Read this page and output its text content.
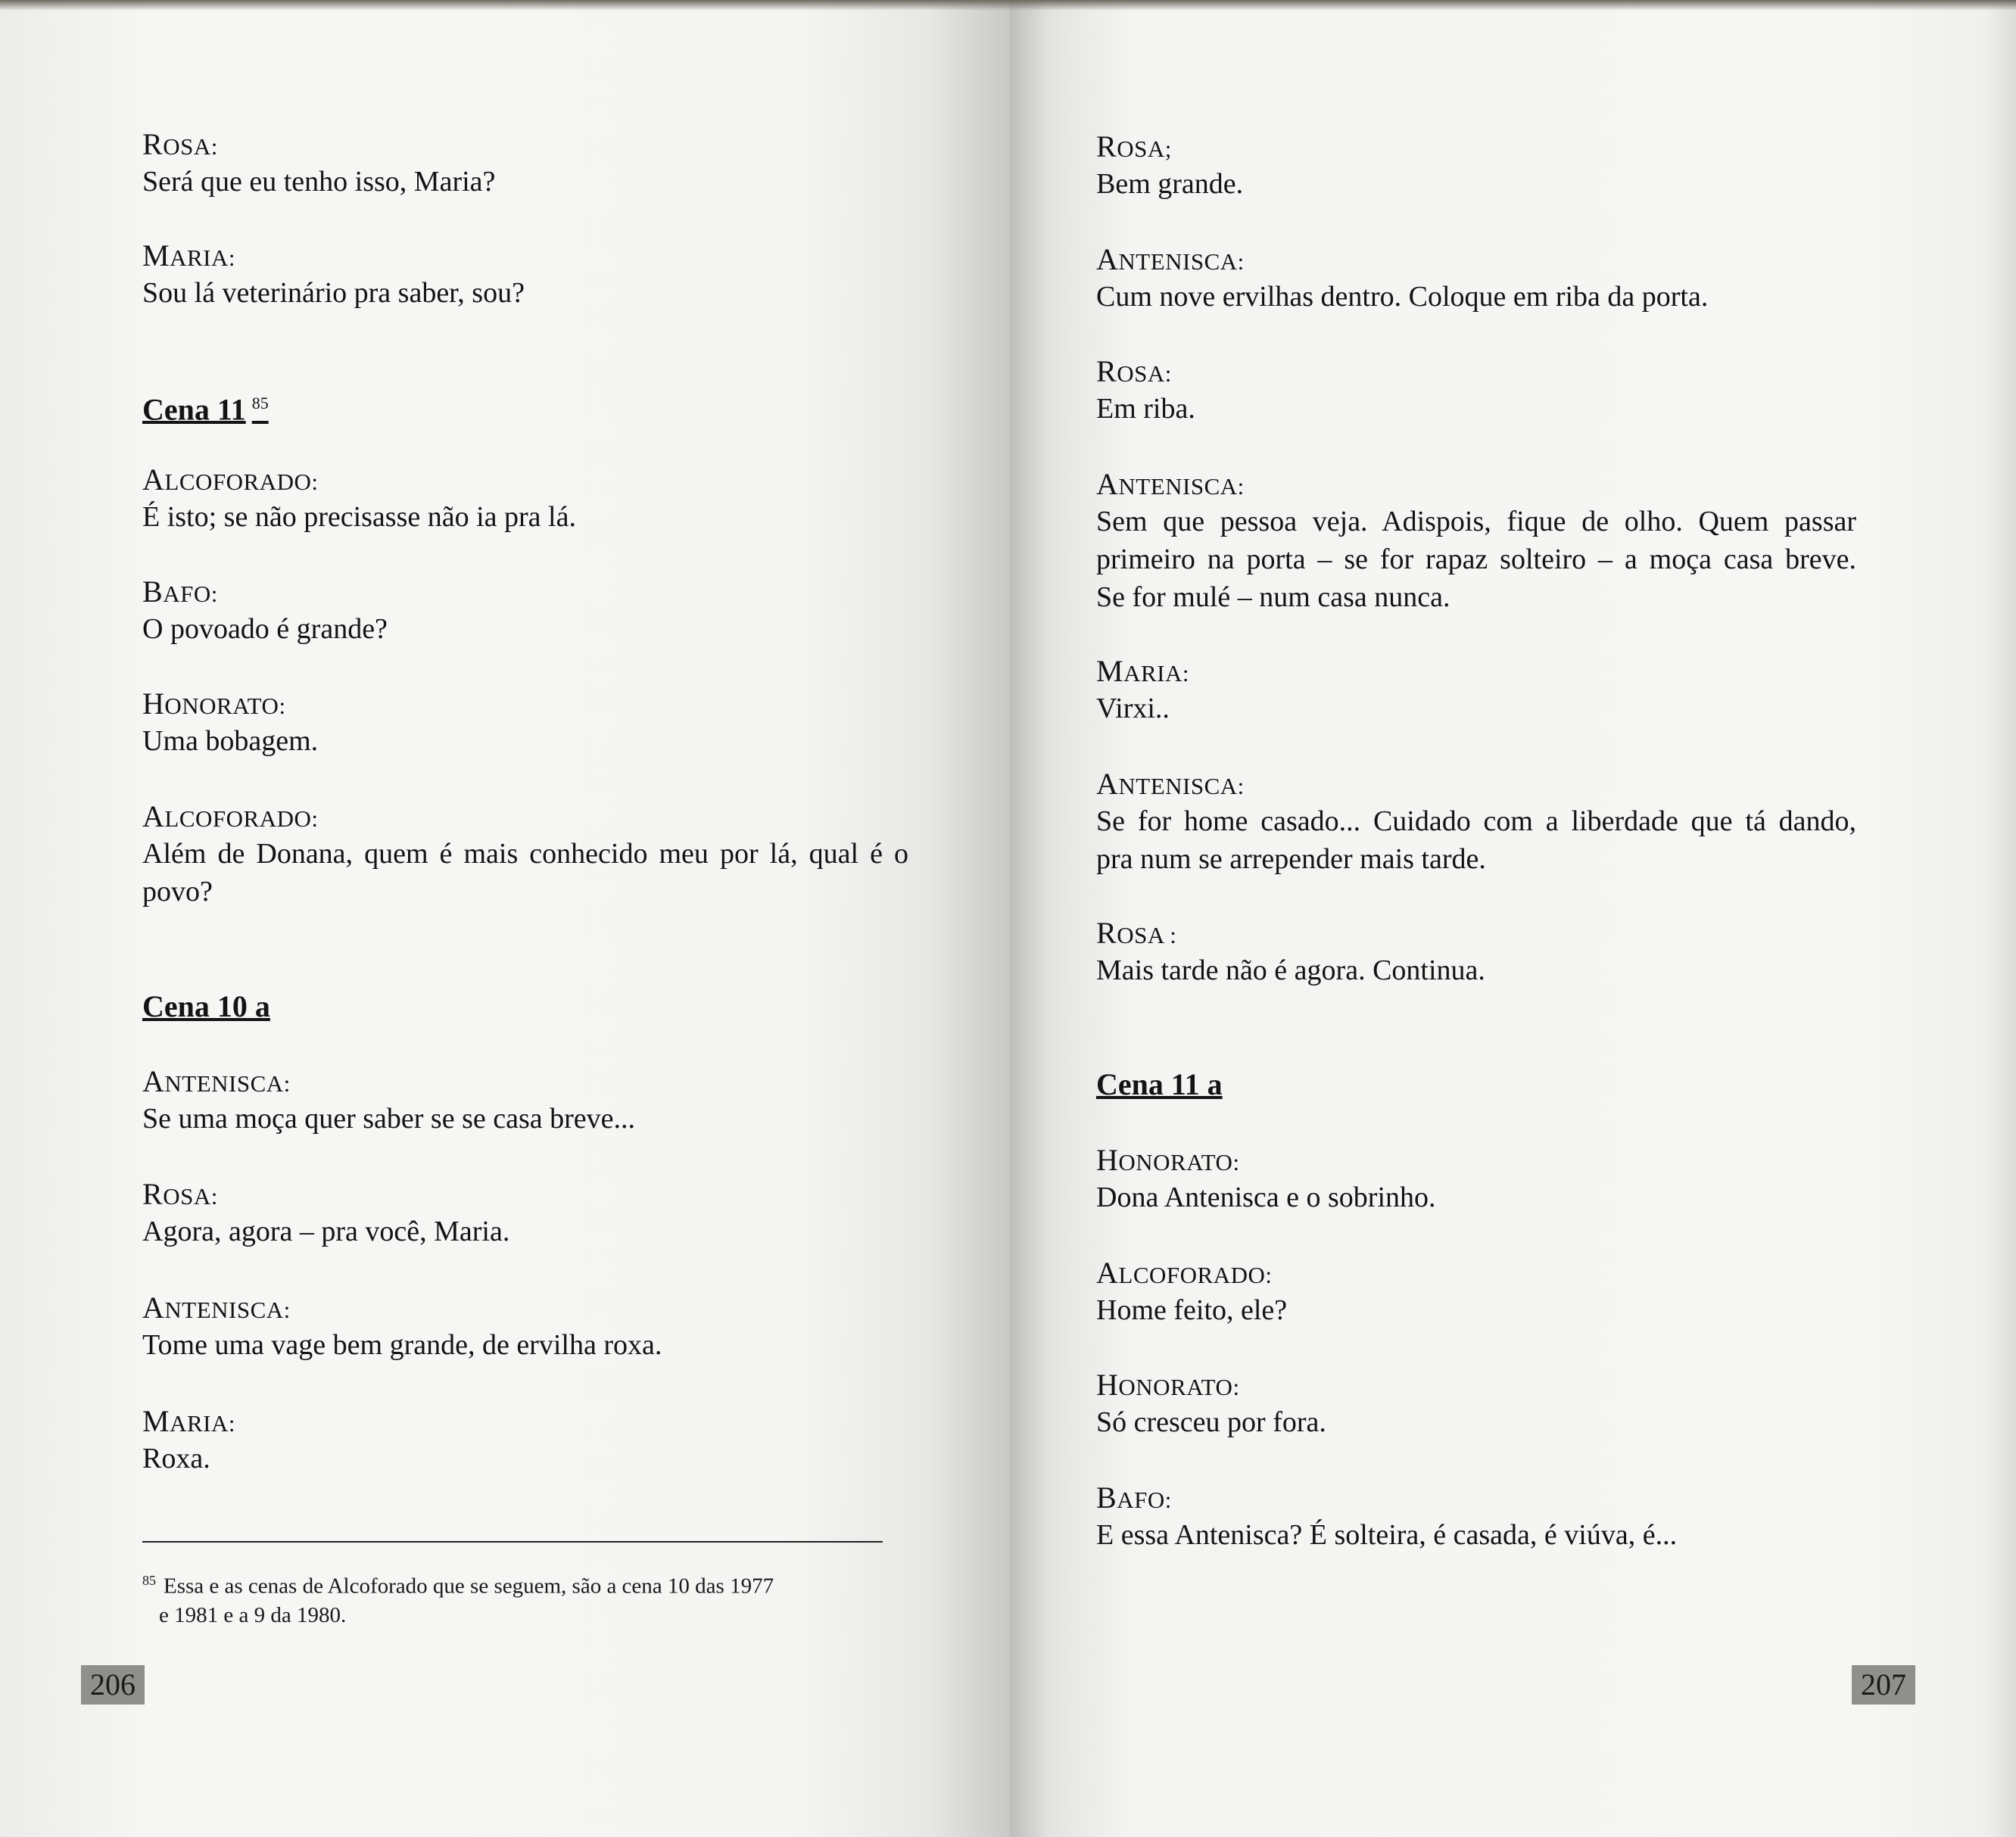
ROSA:
Será que eu tenho isso, Maria?
MARIA:
Sou lá veterinário pra saber, sou?
Cena 11 $^{85}$
ALCOFORADO:
É isto; se não precisasse não ia pra lá.
BAFO:
O povoado é grande?
HONORATO:
Uma bobagem.
ALCOFORADO:
Além de Donana, quem é mais conhecido meu por lá, qual é o
povo?
Cena 10 a
ANTENISCA:
Se uma moça quer saber se se casa breve...
ROSA:
Agora, agora – pra você, Maria.
ANTENISCA:
Tome uma vage bem grande, de ervilha roxa.
MARIA:
Roxa.
$^{85}$ Essa e as cenas de Alcoforado que se seguem, são a cena 10 das 1977
e 1981 e a 9 da 1980.
206
ROSA;
Bem grande.
ANTENISCA:
Cum nove ervilhas dentro. Coloque em riba da porta.
ROSA:
Em riba.
ANTENISCA:
Sem que pessoa veja. Adispois, fique de olho. Quem passar
primeiro na porta – se for rapaz solteiro – a moça casa breve.
Se for mulé – num casa nunca.
MARIA:
Virxi..
ANTENISCA:
Se for home casado... Cuidado com a liberdade que tá dando,
pra num se arrepender mais tarde.
ROSA :
Mais tarde não é agora. Continua.
Cena 11 a
HONORATO:
Dona Antenisca e o sobrinho.
ALCOFORADO:
Home feito, ele?
HONORATO:
Só cresceu por fora.
BAFO:
E essa Antenisca? É solteira, é casada, é viúva, é...
207
